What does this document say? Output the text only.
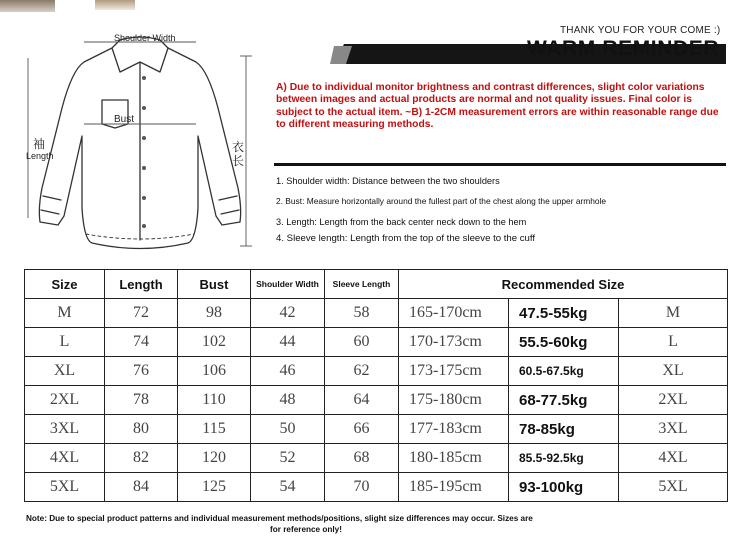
Shoulder Width
Bust
袖
Length
衣长
THANK YOU FOR YOUR COME :)
WARM REMINDER
A) Due to individual monitor brightness and contrast differences, slight color variations between images and actual products are normal and not quality issues. Final color is subject to the actual item. ~B) 1-2CM measurement errors are within reasonable range due to different measuring methods.
1. Shoulder width: Distance between the two shoulders
2. Bust: Measure horizontally around the fullest part of the chest along the upper armhole
3. Length: Length from the back center neck down to the hem
4. Sleeve length: Length from the top of the sleeve to the cuff
Size	Length	Bust	Shoulder Width	Sleeve Length	Recommended Size		
M	72	98	42	58	165-170cm	47.5-55kg	M
L	74	102	44	60	170-173cm	55.5-60kg	L
XL	76	106	46	62	173-175cm	60.5-67.5kg	XL
2XL	78	110	48	64	175-180cm	68-77.5kg	2XL
3XL	80	115	50	66	177-183cm	78-85kg	3XL
4XL	82	120	52	68	180-185cm	85.5-92.5kg	4XL
5XL	84	125	54	70	185-195cm	93-100kg	5XL
Note: Due to special product patterns and individual measurement methods/positions, slight size differences may occur. Sizes are
for reference only!
